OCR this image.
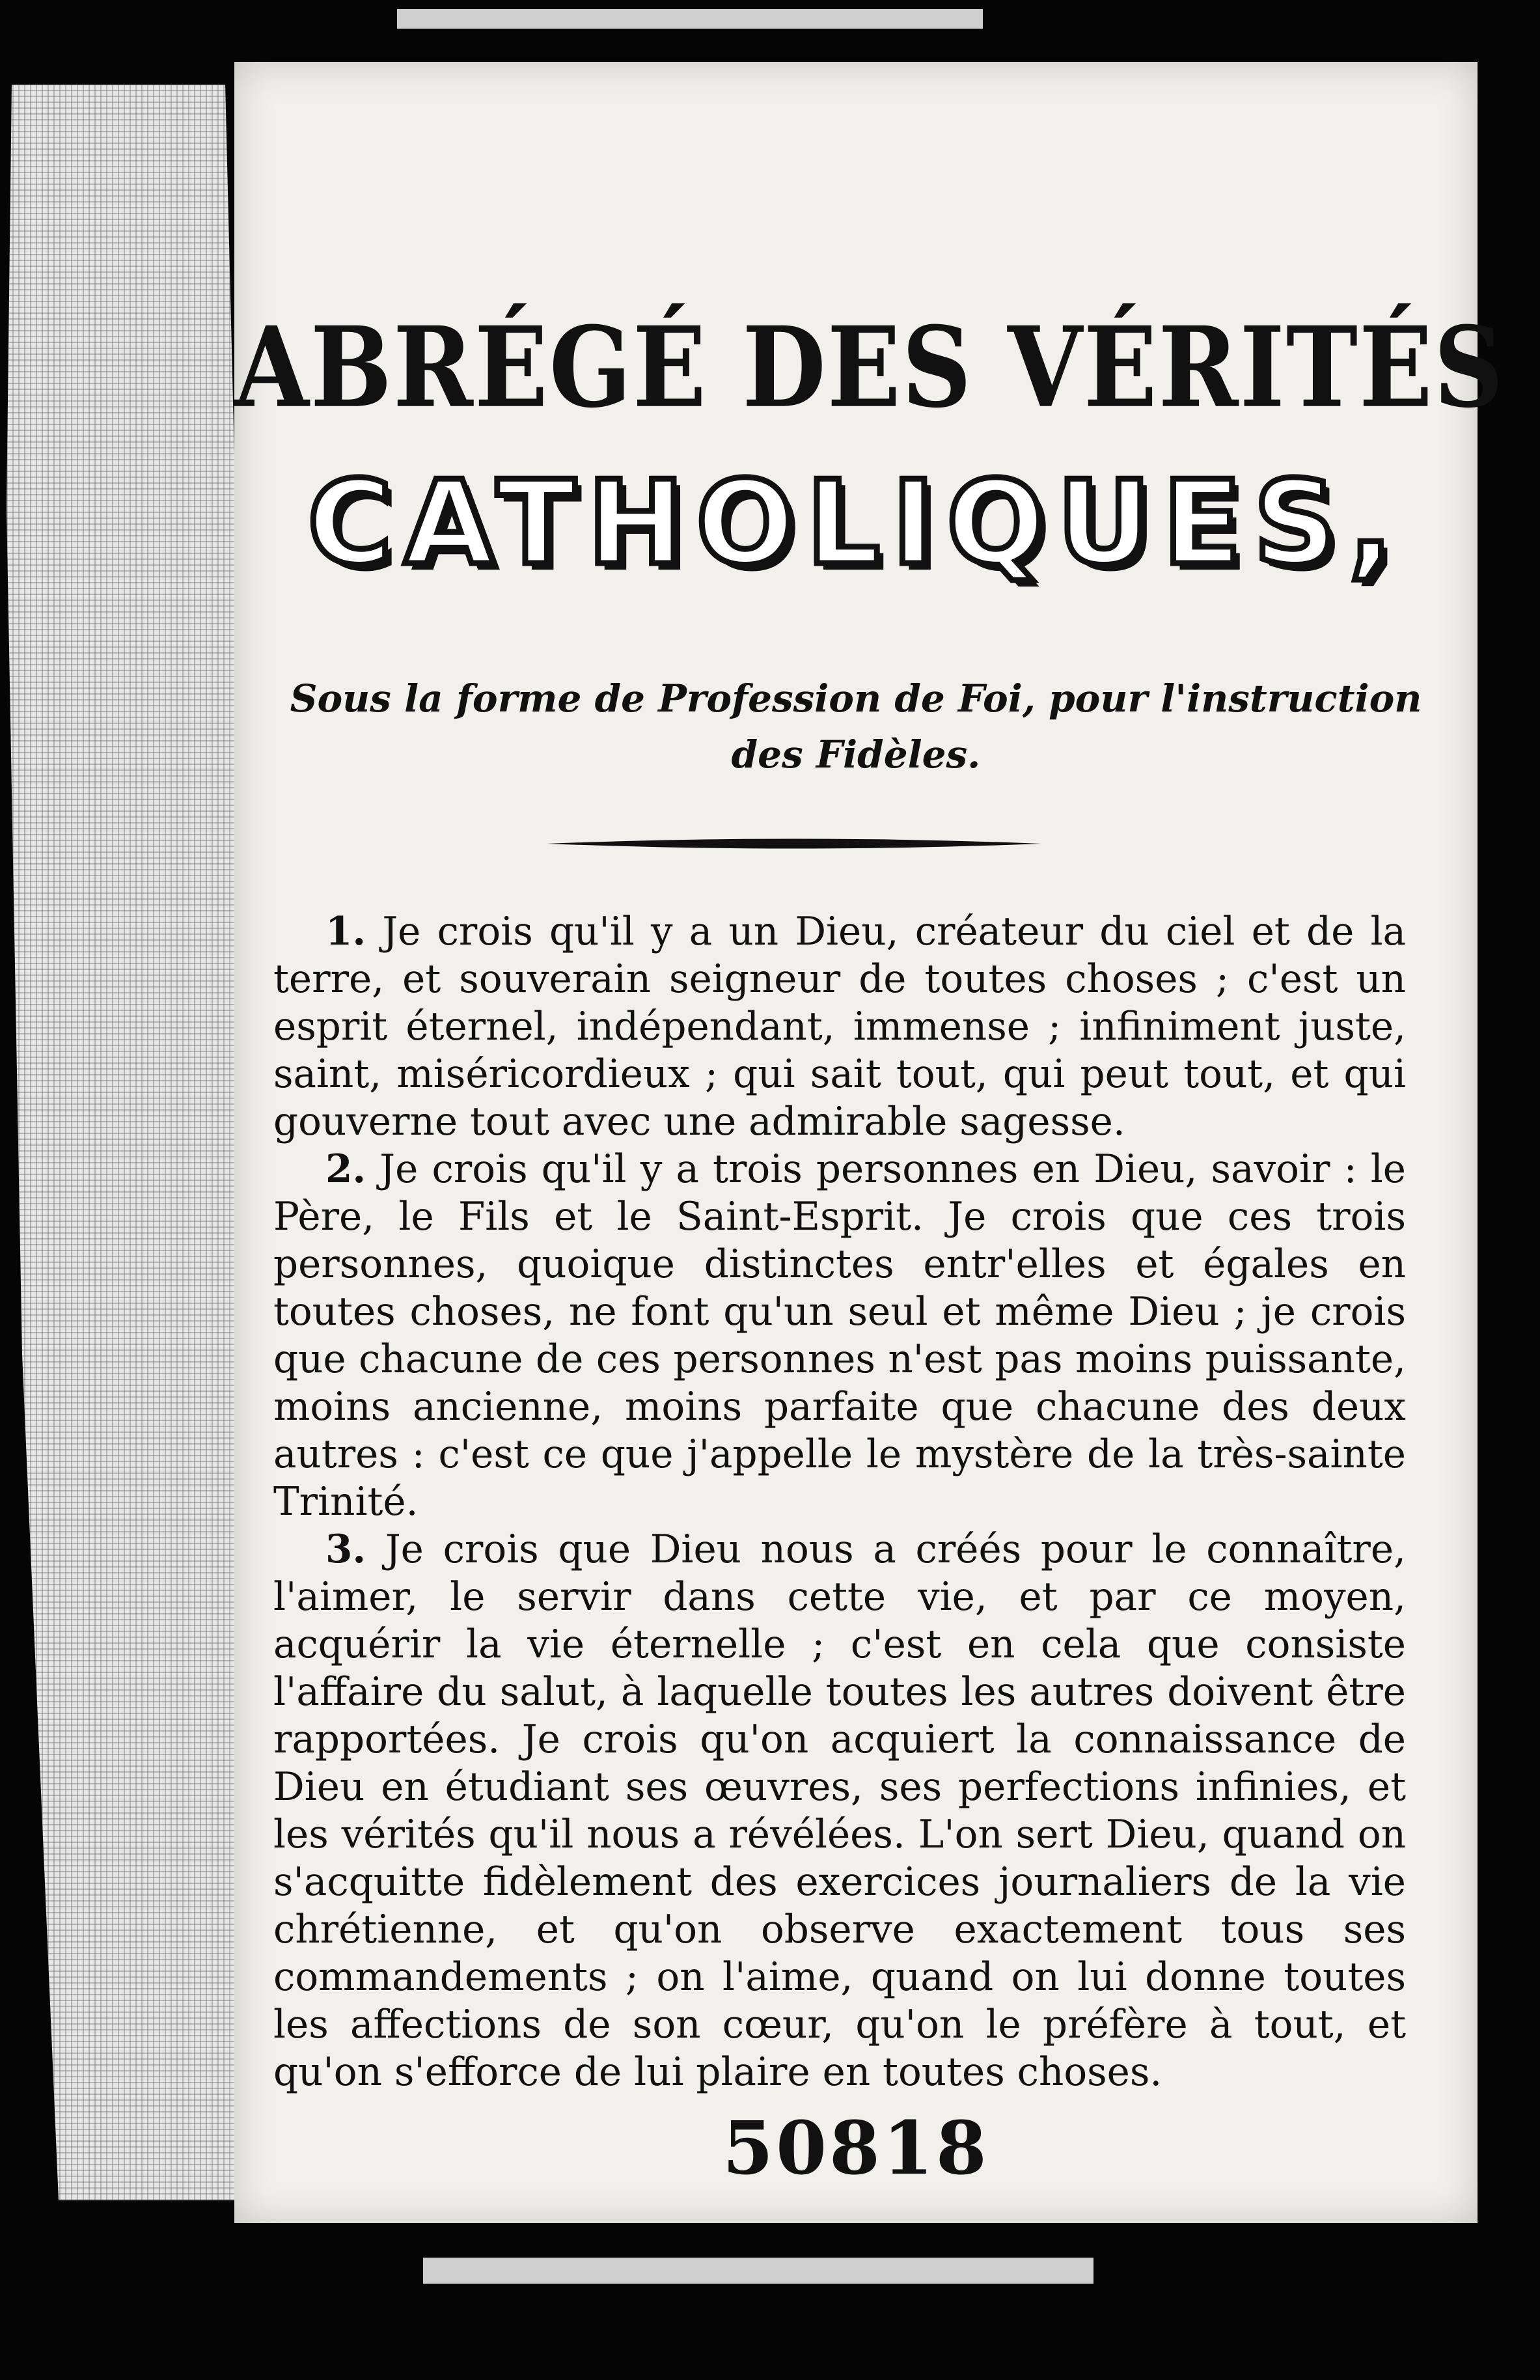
ABRÉGÉ DES VÉRITÉS
CATHOLIQUES,
Sous la forme de Profession de Foi, pour l'instruction des Fidèles.

1. Je crois qu'il y a un Dieu, créateur du ciel et de la terre, et souverain seigneur de toutes choses ; c'est un esprit éternel, indépendant, immense ; infiniment juste, saint, miséricordieux ; qui sait tout, qui peut tout, et qui gouverne tout avec une admirable sagesse.

2. Je crois qu'il y a trois personnes en Dieu, savoir : le Père, le Fils et le Saint-Esprit. Je crois que ces trois personnes, quoique distinctes entr'elles et égales en toutes choses, ne font qu'un seul et même Dieu ; je crois que chacune de ces personnes n'est pas moins puissante, moins ancienne, moins parfaite que chacune des deux autres : c'est ce que j'appelle le mystère de la très-sainte Trinité.

3. Je crois que Dieu nous a créés pour le connaître, l'aimer, le servir dans cette vie, et par ce moyen, acquérir la vie éternelle ; c'est en cela que consiste l'affaire du salut, à laquelle toutes les autres doivent être rapportées. Je crois qu'on acquiert la connaissance de Dieu en étudiant ses œuvres, ses perfections infinies, et les vérités qu'il nous a révélées. L'on sert Dieu, quand on s'acquitte fidèlement des exercices journaliers de la vie chrétienne, et qu'on observe exactement tous ses commandements ; on l'aime, quand on lui donne toutes les affections de son cœur, qu'on le préfère à tout, et qu'on s'efforce de lui plaire en toutes choses.

50818
